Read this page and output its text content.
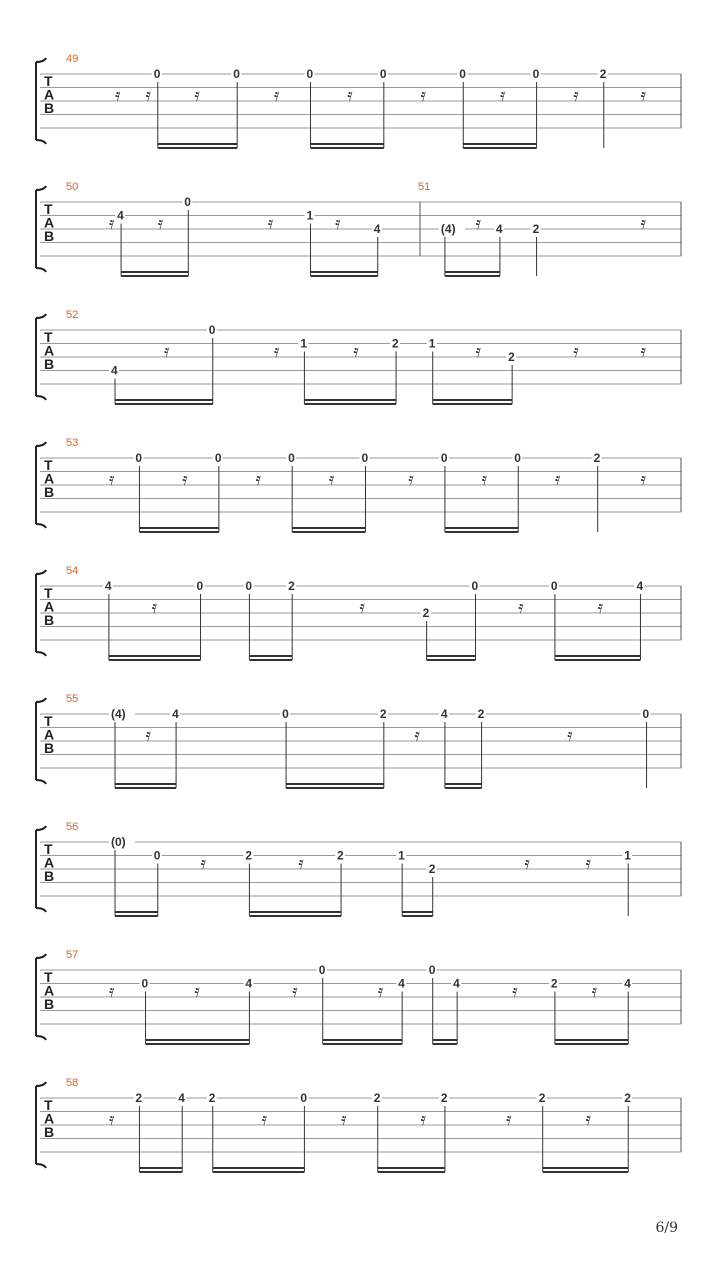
T
A
B
49
𝄿 𝄿 𝄿	𝄿	𝄿	𝄿	𝄿	𝄿	𝄿
0	0	0	0	0	0	2
T
A
B
50	51
𝄿 𝄿	𝄿	𝄿	𝄿	𝄿
4
0
1
4	(4)	4 2
T
A
B
52
𝄿	𝄿	𝄿	𝄿	𝄿	𝄿
4
0
1	2 1
2
T
A
B
53
𝄿	𝄿	𝄿	𝄿	𝄿	𝄿	𝄿	𝄿
0	0	0	0	0	0	2
T
A
B
54
𝄿	𝄿	𝄿	𝄿
4	0	0	2
2
0	0	4
T
A
B
55
𝄿	𝄿	𝄿
(4)	4	0	2	4 2	0
T
A
B
56
𝄿	𝄿	𝄿	𝄿
(0)
0	2	2	1
2
1
T
A
B
57
𝄿	𝄿	𝄿	𝄿	𝄿	𝄿
0	4
0
4
0
4	2	4
T
A
B
58
𝄿	𝄿	𝄿	𝄿	𝄿	𝄿
2	4 2	0	2	2	2	2
6/9
